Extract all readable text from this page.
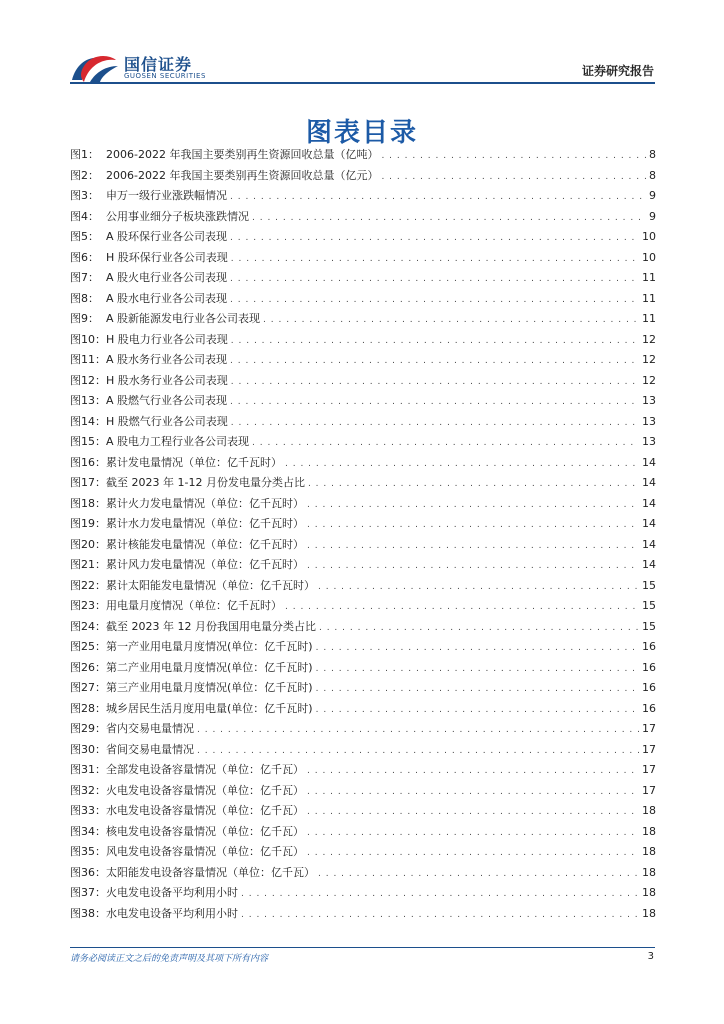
国信证券
GUOSEN SECURITIES	证券研究报告
图表目录
图1： 2006-2022 年我国主要类别再生资源回收总量（亿吨） . . .	8
图2： 2006-2022 年我国主要类别再生资源回收总量（亿元） . . .	8
图3： 申万一级行业涨跌幅情况 . . .	9
图4： 公用事业细分子板块涨跌情况 . . .	9
图5： A 股环保行业各公司表现 . . .	10
图6： H 股环保行业各公司表现 . . .	10
图7： A 股火电行业各公司表现 . . .	11
图8： A 股水电行业各公司表现 . . .	11
图9： A 股新能源发电行业各公司表现 . . .	11
图10： H 股电力行业各公司表现 . . .	12
图11： A 股水务行业各公司表现 . . .	12
图12： H 股水务行业各公司表现 . . .	12
图13： A 股燃气行业各公司表现 . . .	13
图14： H 股燃气行业各公司表现 . . .	13
图15： A 股电力工程行业各公司表现 . . .	13
图16： 累计发电量情况（单位：亿千瓦时） . . .	14
图17： 截至 2023 年 1-12 月份发电量分类占比 . . .	14
图18： 累计火力发电量情况（单位：亿千瓦时） . . .	14
图19： 累计水力发电量情况（单位：亿千瓦时） . . .	14
图20： 累计核能发电量情况（单位：亿千瓦时） . . .	14
图21： 累计风力发电量情况（单位：亿千瓦时） . . .	14
图22： 累计太阳能发电量情况（单位：亿千瓦时） . . .	15
图23： 用电量月度情况（单位：亿千瓦时） . . .	15
图24： 截至 2023 年 12 月份我国用电量分类占比 . . .	15
图25： 第一产业用电量月度情况(单位：亿千瓦时) . . .	16
图26： 第二产业用电量月度情况(单位：亿千瓦时) . . .	16
图27： 第三产业用电量月度情况(单位：亿千瓦时) . . .	16
图28： 城乡居民生活月度用电量(单位：亿千瓦时) . . .	16
图29： 省内交易电量情况 . . .	17
图30： 省间交易电量情况 . . .	17
图31： 全部发电设备容量情况（单位：亿千瓦） . . .	17
图32： 火电发电设备容量情况（单位：亿千瓦） . . .	17
图33： 水电发电设备容量情况（单位：亿千瓦） . . .	18
图34： 核电发电设备容量情况（单位：亿千瓦） . . .	18
图35： 风电发电设备容量情况（单位：亿千瓦） . . .	18
图36： 太阳能发电设备容量情况（单位：亿千瓦） . . .	18
图37： 火电发电设备平均利用小时 . . .	18
图38： 水电发电设备平均利用小时 . . .	18
请务必阅读正文之后的免责声明及其项下所有内容	3
